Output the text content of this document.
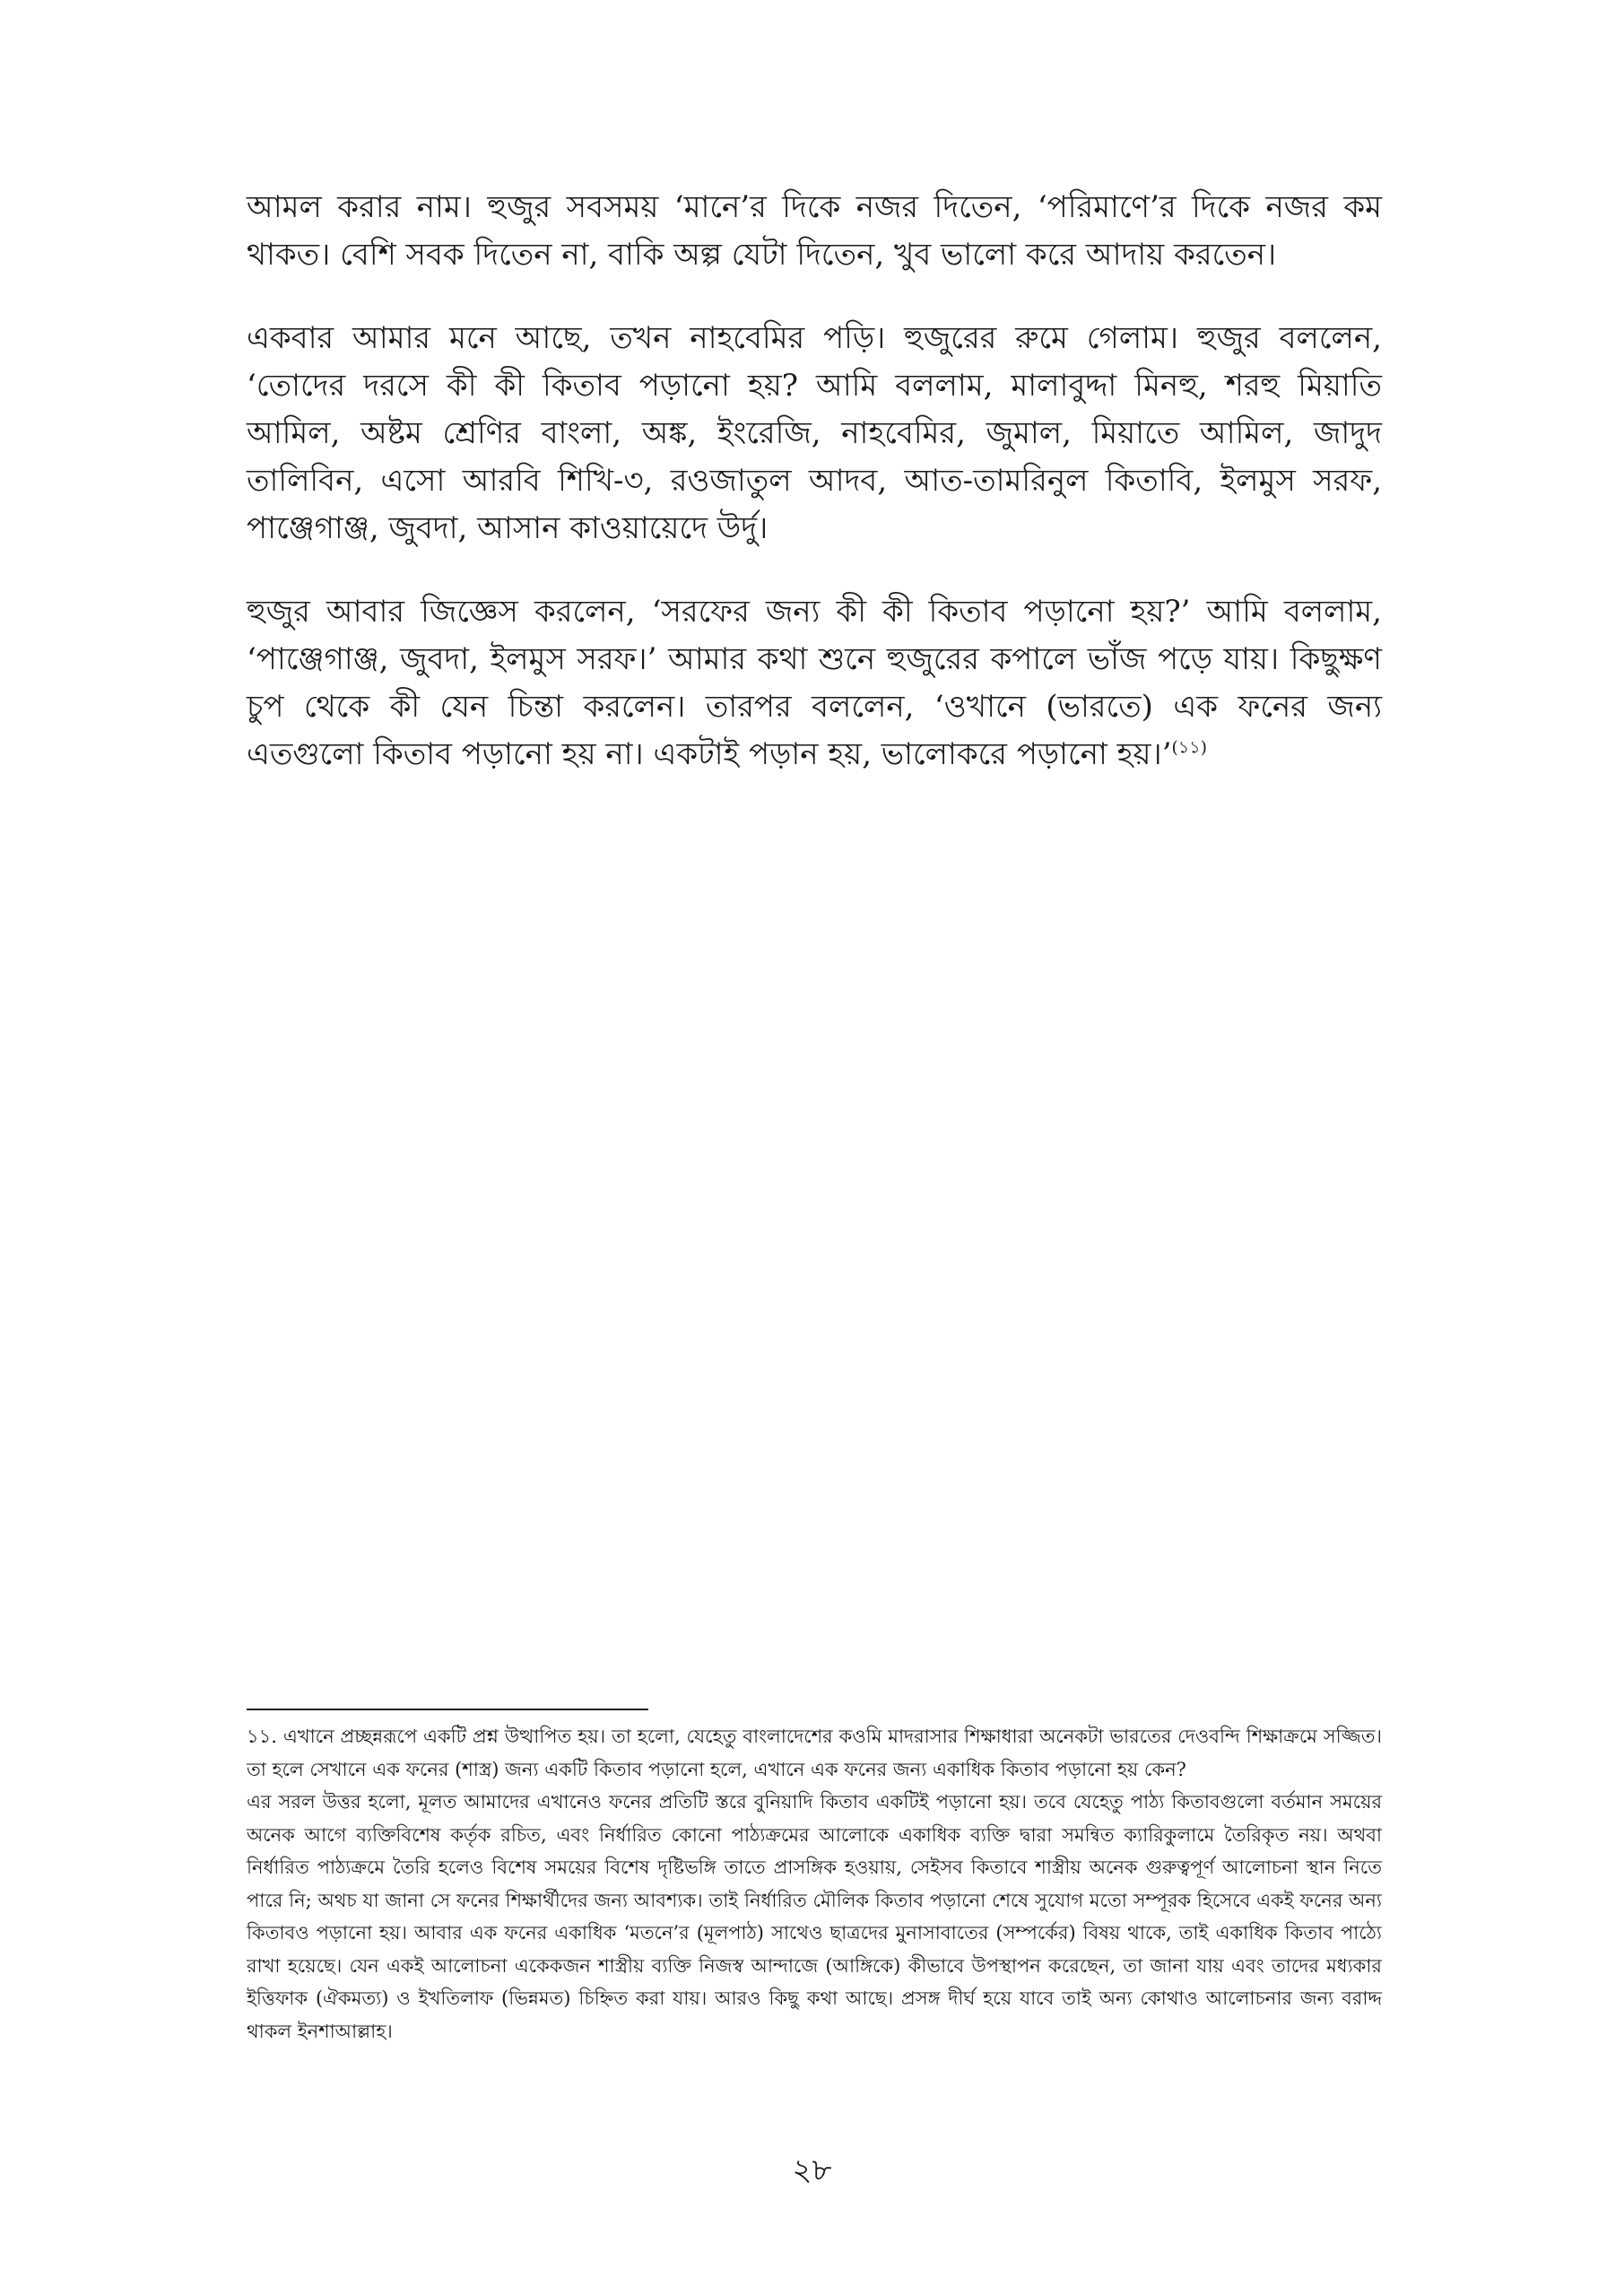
আমল করার নাম। হুজুর সবসময় ‘মানে’র দিকে নজর দিতেন, ‘পরিমাণে’র দিকে নজর কম থাকত। বেশি সবক দিতেন না, বাকি অল্প যেটা দিতেন, খুব ভালো করে আদায় করতেন।

একবার আমার মনে আছে, তখন নাহবেমির পড়ি। হুজুরের রুমে গেলাম। হুজুর বললেন, ‘তোদের দরসে কী কী কিতাব পড়ানো হয়? আমি বললাম, মালাবুদ্দা মিনহু, শরহু মিয়াতি আমিল, অষ্টম শ্রেণির বাংলা, অঙ্ক, ইংরেজি, নাহবেমির, জুমাল, মিয়াতে আমিল, জাদুদ তালিবিন, এসো আরবি শিখি-৩, রওজাতুল আদব, আত-তামরিনুল কিতাবি, ইলমুস সরফ, পাঞ্জেগাঞ্জ, জুবদা, আসান কাওয়ায়েদে উর্দু।

হুজুর আবার জিজ্ঞেস করলেন, ‘সরফের জন্য কী কী কিতাব পড়ানো হয়?’ আমি বললাম, ‘পাঞ্জেগাঞ্জ, জুবদা, ইলমুস সরফ।’ আমার কথা শুনে হুজুরের কপালে ভাঁজ পড়ে যায়। কিছুক্ষণ চুপ থেকে কী যেন চিন্তা করলেন। তারপর বললেন, ‘ওখানে (ভারতে) এক ফনের জন্য এতগুলো কিতাব পড়ানো হয় না। একটাই পড়ান হয়, ভালোকরে পড়ানো হয়।’$^{(১১)}$

১১. এখানে প্রচ্ছন্নরূপে একটি প্রশ্ন উত্থাপিত হয়। তা হলো, যেহেতু বাংলাদেশের কওমি মাদরাসার শিক্ষাধারা অনেকটা ভারতের দেওবন্দি শিক্ষাক্রমে সজ্জিত। তা হলে সেখানে এক ফনের (শাস্ত্র) জন্য একটি কিতাব পড়ানো হলে, এখানে এক ফনের জন্য একাধিক কিতাব পড়ানো হয় কেন?

এর সরল উত্তর হলো, মূলত আমাদের এখানেও ফনের প্রতিটি স্তরে বুনিয়াদি কিতাব একটিই পড়ানো হয়। তবে যেহেতু পাঠ্য কিতাবগুলো বর্তমান সময়ের অনেক আগে ব্যক্তিবিশেষ কর্তৃক রচিত, এবং নির্ধারিত কোনো পাঠ্যক্রমের আলোকে একাধিক ব্যক্তি দ্বারা সমন্বিত ক্যারিকুলামে তৈরিকৃত নয়। অথবা নির্ধারিত পাঠ্যক্রমে তৈরি হলেও বিশেষ সময়ের বিশেষ দৃষ্টিভঙ্গি তাতে প্রাসঙ্গিক হওয়ায়, সেইসব কিতাবে শাস্ত্রীয় অনেক গুরুত্বপূর্ণ আলোচনা স্থান নিতে পারে নি; অথচ যা জানা সে ফনের শিক্ষার্থীদের জন্য আবশ্যক। তাই নির্ধারিত মৌলিক কিতাব পড়ানো শেষে সুযোগ মতো সম্পূরক হিসেবে একই ফনের অন্য কিতাবও পড়ানো হয়। আবার এক ফনের একাধিক ‘মতনে’র (মূলপাঠ) সাথেও ছাত্রদের মুনাসাবাতের (সম্পর্কের) বিষয় থাকে, তাই একাধিক কিতাব পাঠ্যে রাখা হয়েছে। যেন একই আলোচনা একেকজন শাস্ত্রীয় ব্যক্তি নিজস্ব আন্দাজে (আঙ্গিকে) কীভাবে উপস্থাপন করেছেন, তা জানা যায় এবং তাদের মধ্যকার ইত্তিফাক (ঐকমত্য) ও ইখতিলাফ (ভিন্নমত) চিহ্নিত করা যায়। আরও কিছু কথা আছে। প্রসঙ্গ দীর্ঘ হয়ে যাবে তাই অন্য কোথাও আলোচনার জন্য বরাদ্দ থাকল ইনশাআল্লাহ।

২৮
